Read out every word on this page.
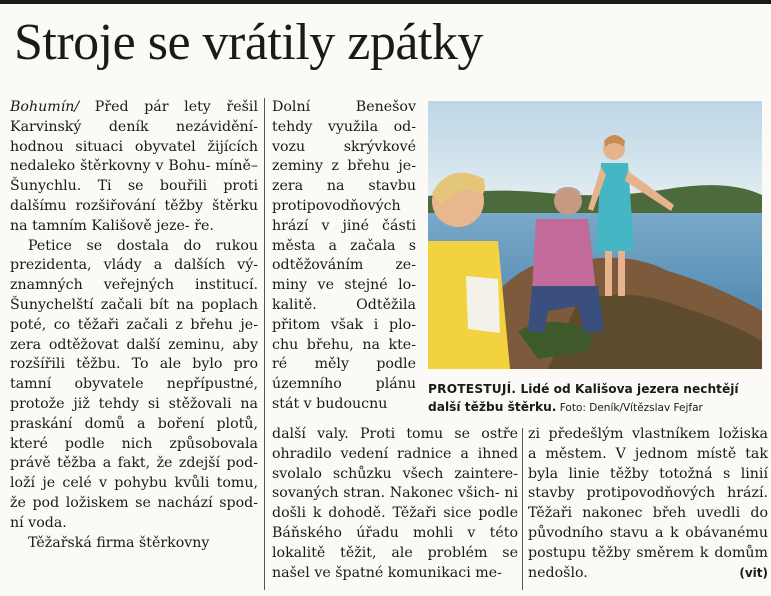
Stroje se vrátily zpátky

Bohumín/ Před pár lety řešil Karvinský deník nezávidění- hodnou situaci obyvatel žijících nedaleko štěrkovny v Bohu- míně–Šunychlu. Ti se bouřili proti dalšímu rozšiřování těžby štěrku na tamním Kališově jeze- ře.

Petice se dostala do rukou prezidenta, vlády a dalších vý- znamných veřejných institucí. Šunychelští začali bít na poplach poté, co těžaři začali z břehu je- zera odtěžovat další zeminu, aby rozšířili těžbu. To ale bylo pro tamní obyvatele nepřípustné, protože již tehdy si stěžovali na praskání domů a boření plotů, které podle nich způsobovala právě těžba a fakt, že zdejší pod- loží je celé v pohybu kvůli tomu, že pod ložiskem se nachází spod- ní voda.

Těžařská firma štěrkovny

Dolní Benešov tehdy využila od- vozu skrývkové zeminy z břehu je- zera na stavbu protipovodňových hrází v jiné části města a začala s odtěžováním ze- miny ve stejné lo- kalitě. Odtěžila přitom však i plo- chu břehu, na kte- ré měly podle územního plánu stát v budoucnu

PROTESTUJÍ. Lidé od Kališova jezera nechtějí další těžbu štěrku. Foto: Deník/Vítězslav Fejfar

další valy. Proti tomu se ostře ohradilo vedení radnice a ihned svolalo schůzku všech zaintere- sovaných stran. Nakonec všich- ni došli k dohodě. Těžaři sice podle Báňského úřadu mohli v této lokalitě těžit, ale problém se našel ve špatné komunikaci me-

zi předešlým vlastníkem ložiska a městem. V jednom místě tak byla linie těžby totožná s linií stavby protipovodňových hrází. Těžaři nakonec břeh uvedli do původního stavu a k obávanému postupu těžby směrem k domům nedošlo.	(vit)
